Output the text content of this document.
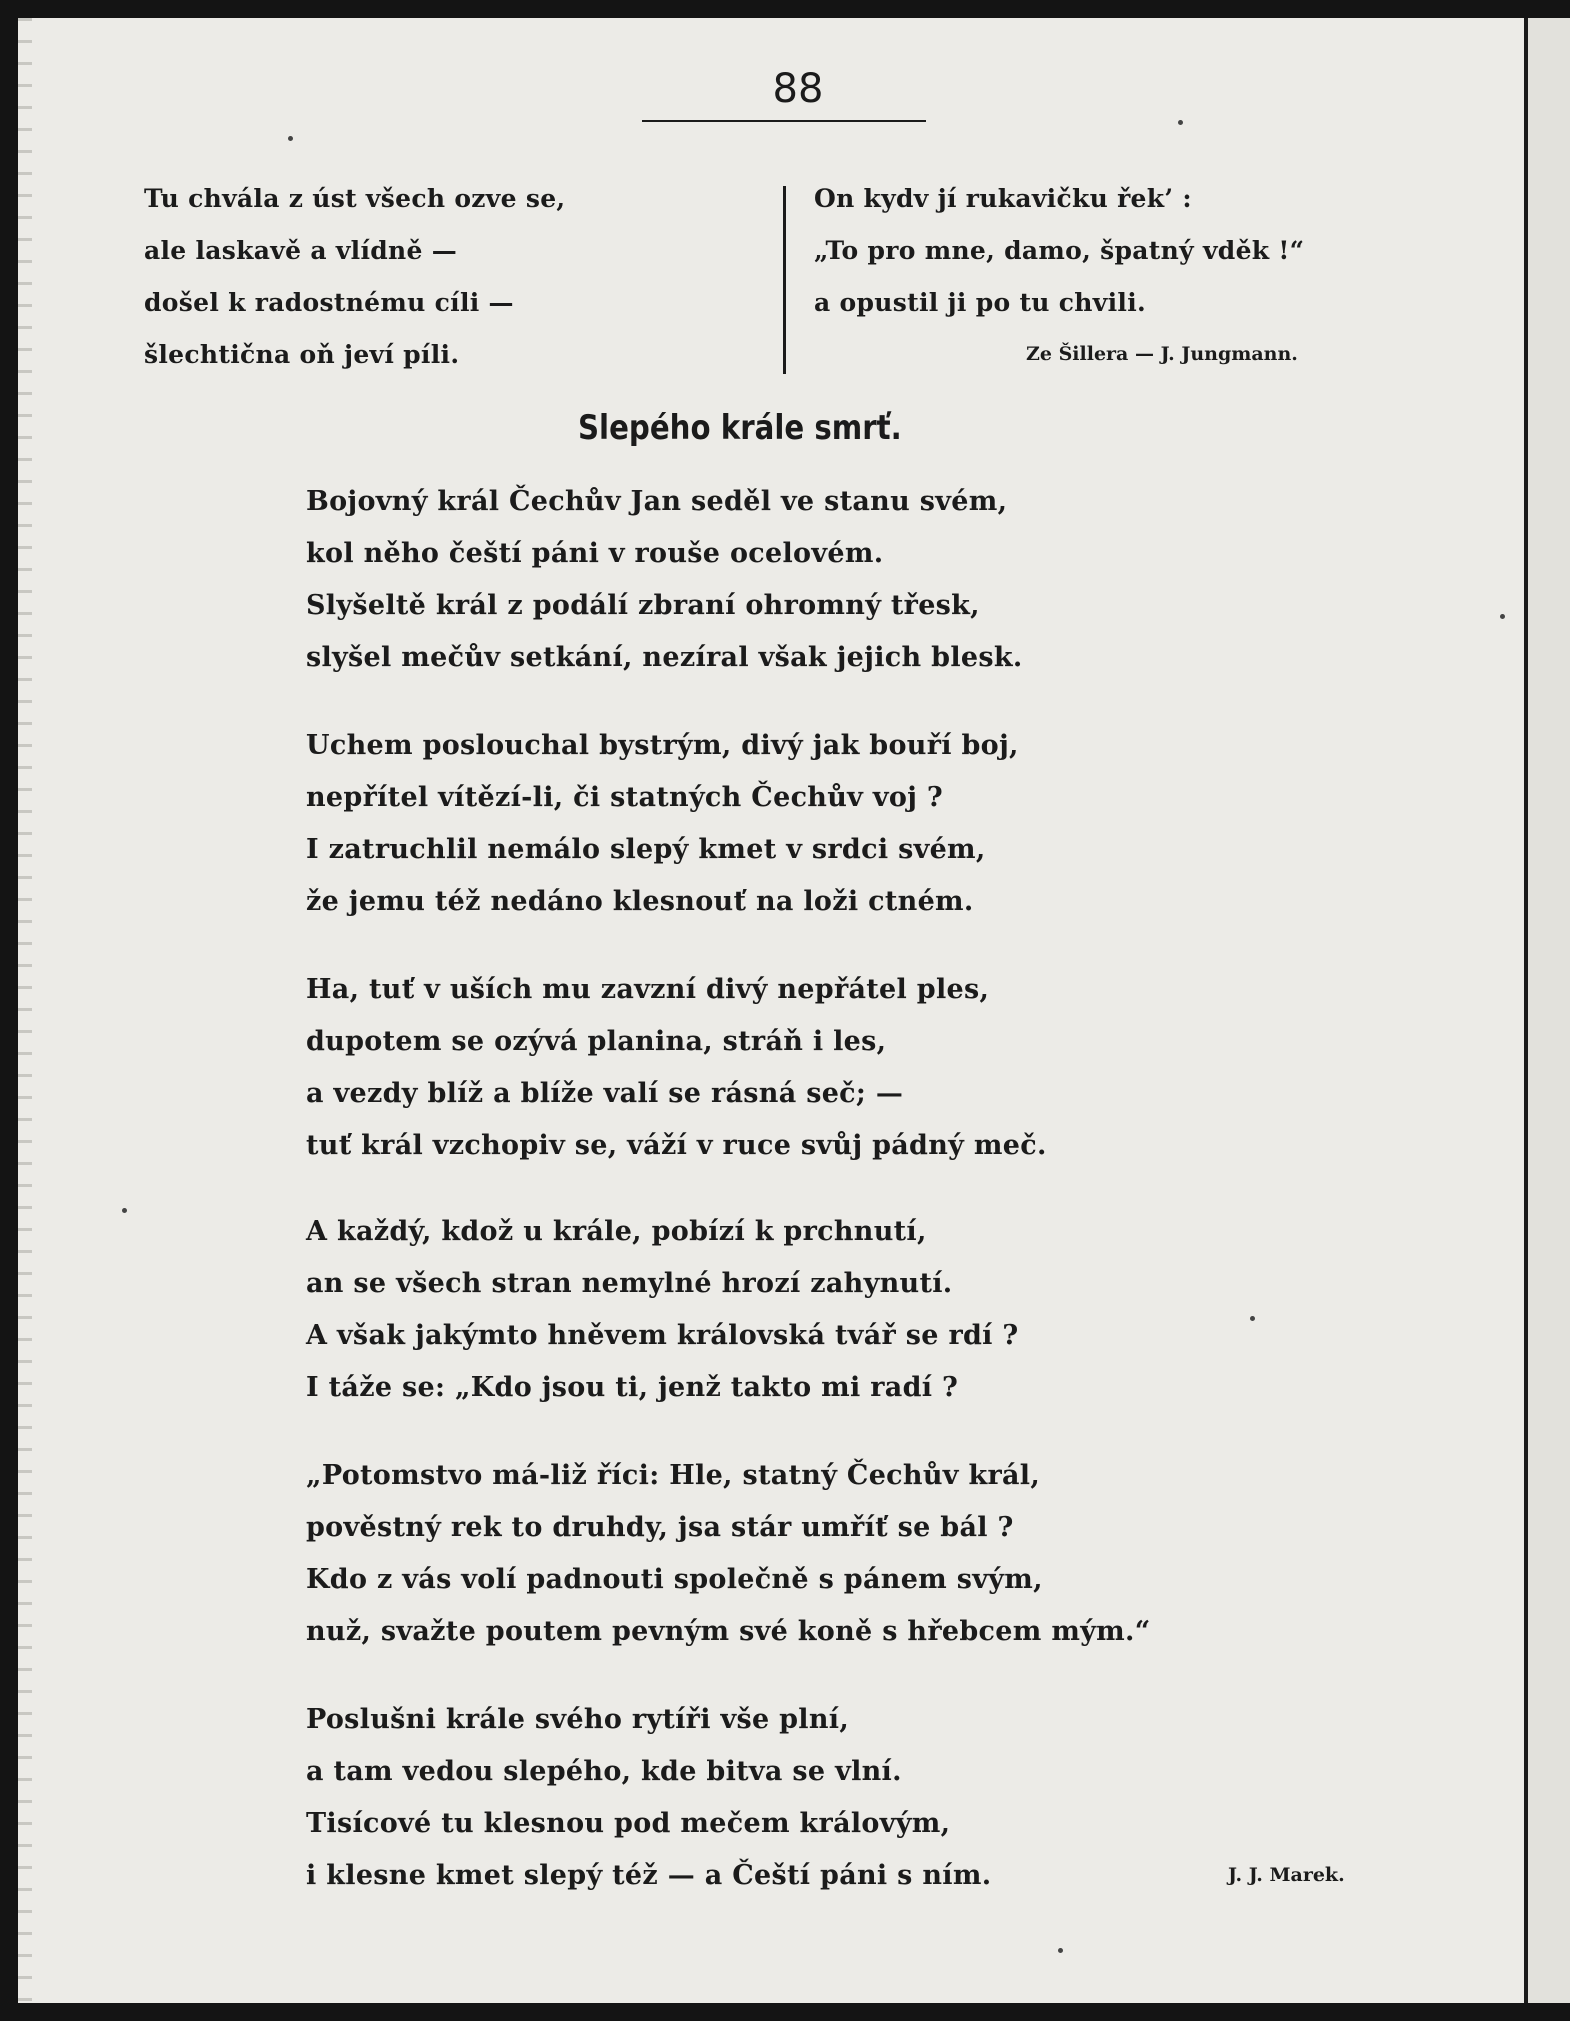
88
Tu chvála z úst všech ozve se,
ale laskavě a vlídně —
došel k radostnému cíli —
šlechtična oň jeví píli.
On kydv jí rukavičku řek’ :
„To pro mne, damo, špatný vděk !“
a opustil ji po tu chvili.
Ze Šillera — J. Jungmann.
Slepého krále smrť.
Bojovný král Čechův Jan seděl ve stanu svém,
kol něho čeští páni v rouše ocelovém.
Slyšeltě král z podálí zbraní ohromný třesk,
slyšel mečův setkání, nezíral však jejich blesk.
Uchem poslouchal bystrým, divý jak bouří boj,
nepřítel vítězí-li, či statných Čechův voj ?
I zatruchlil nemálo slepý kmet v srdci svém,
že jemu též nedáno klesnouť na loži ctném.
Ha, tuť v uších mu zavzní divý nepřátel ples,
dupotem se ozývá planina, stráň i les,
a vezdy blíž a blíže valí se rásná seč; —
tuť král vzchopiv se, váží v ruce svůj pádný meč.
A každý, kdož u krále, pobízí k prchnutí,
an se všech stran nemylné hrozí zahynutí.
A však jakýmto hněvem královská tvář se rdí ?
I táže se: „Kdo jsou ti, jenž takto mi radí ?
„Potomstvo má-liž říci: Hle, statný Čechův král,
pověstný rek to druhdy, jsa stár umříť se bál ?
Kdo z vás volí padnouti společně s pánem svým,
nuž, svažte poutem pevným své koně s hřebcem mým.“
Poslušni krále svého rytíři vše plní,
a tam vedou slepého, kde bitva se vlní.
Tisícové tu klesnou pod mečem královým,
i klesne kmet slepý též — a Čeští páni s ním.	J. J. Marek.
